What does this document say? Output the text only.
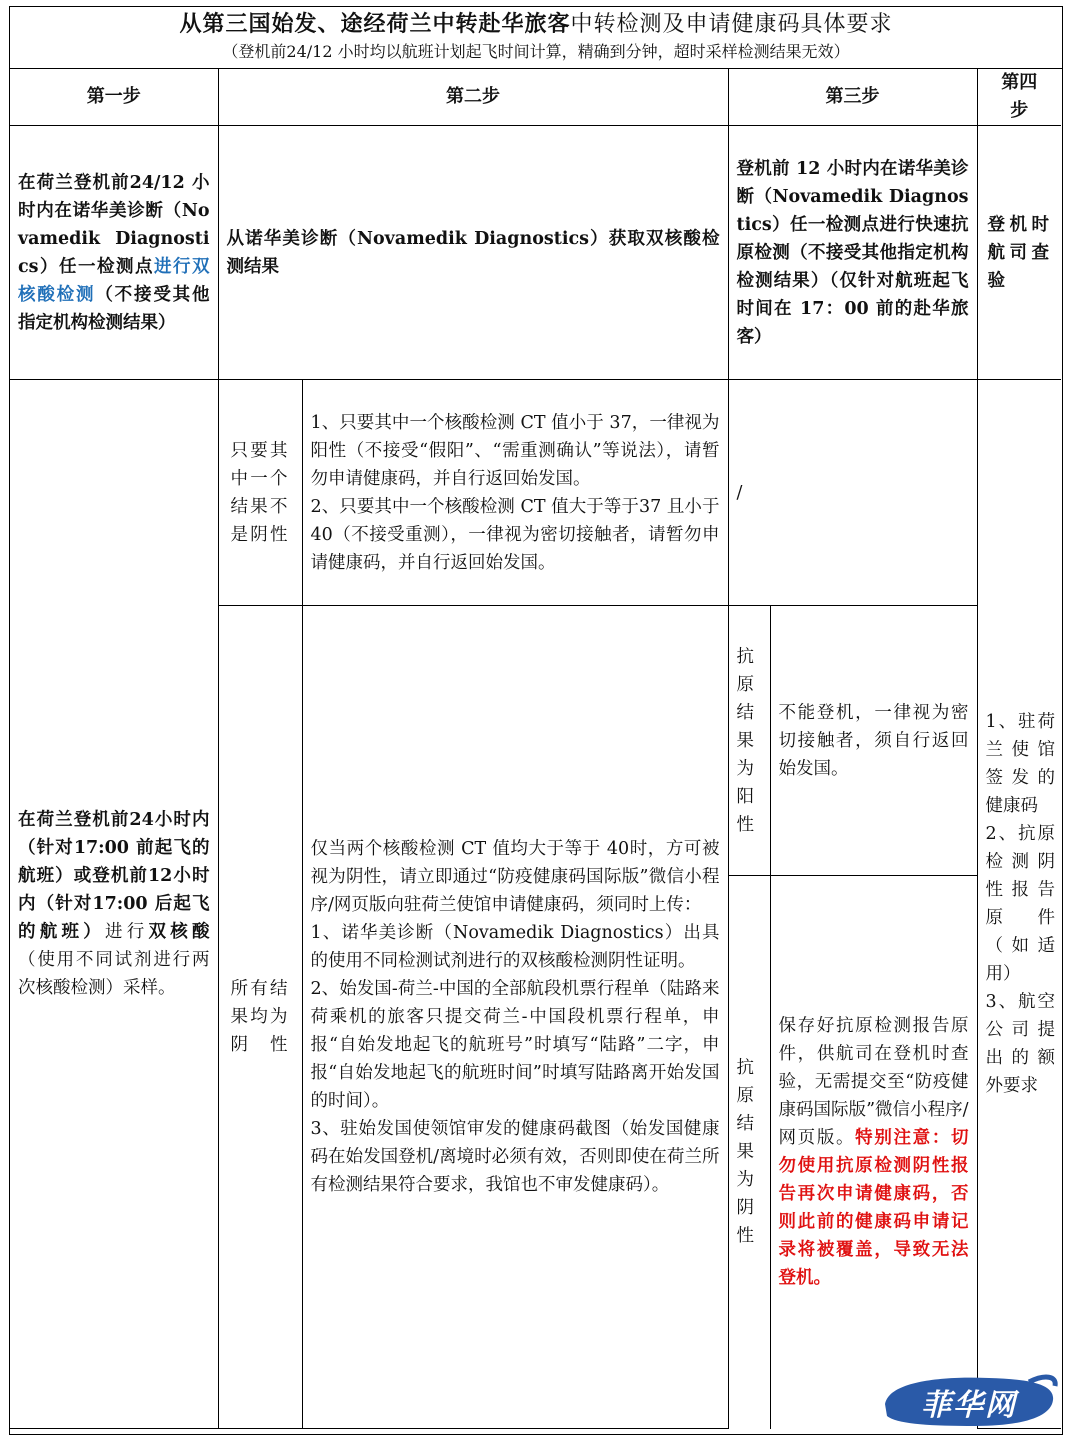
从第三国始发、途经荷兰中转赴华旅客中转检测及申请健康码具体要求
（登机前24/12 小时均以航班计划起飞时间计算，精确到分钟，超时采样检测结果无效）
第一步	第二步		第三步		第四步
在荷兰登机前24/12 小时内在诺华美诊断（Novamedik Diagnostics）任一检测点进行双核酸检测（不接受其他指定机构检测结果）	从诺华美诊断（Novamedik Diagnostics）获取双核酸检测结果		登机前 12 小时内在诺华美诊断（Novamedik Diagnostics）任一检测点进行快速抗原检测（不接受其他指定机构检测结果）（仅针对航班起飞时间在 17：00 前的赴华旅客）		登机时航司查验
在荷兰登机前24小时内（针对17:00 前起飞的航班）或登机前12小时内（针对17:00 后起飞的航班）进行双核酸（使用不同试剂进行两次核酸检测）采样。	只要其中一个结果不是阴性	1、只要其中一个核酸检测 CT 值小于 37，一律视为阳性（不接受“假阳”、“需重测确认”等说法），请暂勿申请健康码，并自行返回始发国。
2、只要其中一个核酸检测 CT 值大于等于37 且小于 40（不接受重测），一律视为密切接触者，请暂勿申请健康码，并自行返回始发国。	/		1、驻荷兰使馆签发的健康码
2、抗原检测阴性报告原件（如适用）
3、航空公司提出的额外要求

	所有结果均为阴性	仅当两个核酸检测 CT 值均大于等于 40时，方可被视为阴性，请立即通过“防疫健康码国际版”微信小程序/网页版向驻荷兰使馆申请健康码，须同时上传：
1、诺华美诊断（Novamedik Diagnostics）出具的使用不同检测试剂进行的双核酸检测阴性证明。
2、始发国-荷兰-中国的全部航段机票行程单（陆路来荷乘机的旅客只提交荷兰-中国段机票行程单，申报“自始发地起飞的航班号”时填写“陆路”二字，申报“自始发地起飞的航班时间”时填写陆路离开始发国的时间）。
3、驻始发国使领馆审发的健康码截图（始发国健康码在始发国登机/离境时必须有效，否则即使在荷兰所有检测结果符合要求，我馆也不审发健康码）。	抗原结果为阳性	不能登机，一律视为密切接触者，须自行返回始发国。	
			抗原结果为阴性	保存好抗原检测报告原件，供航司在登机时查验，无需提交至“防疫健康码国际版”微信小程序/网页版。特别注意：切勿使用抗原检测阴性报告再次申请健康码，否则此前的健康码申请记录将被覆盖，导致无法登机。	
菲华网
